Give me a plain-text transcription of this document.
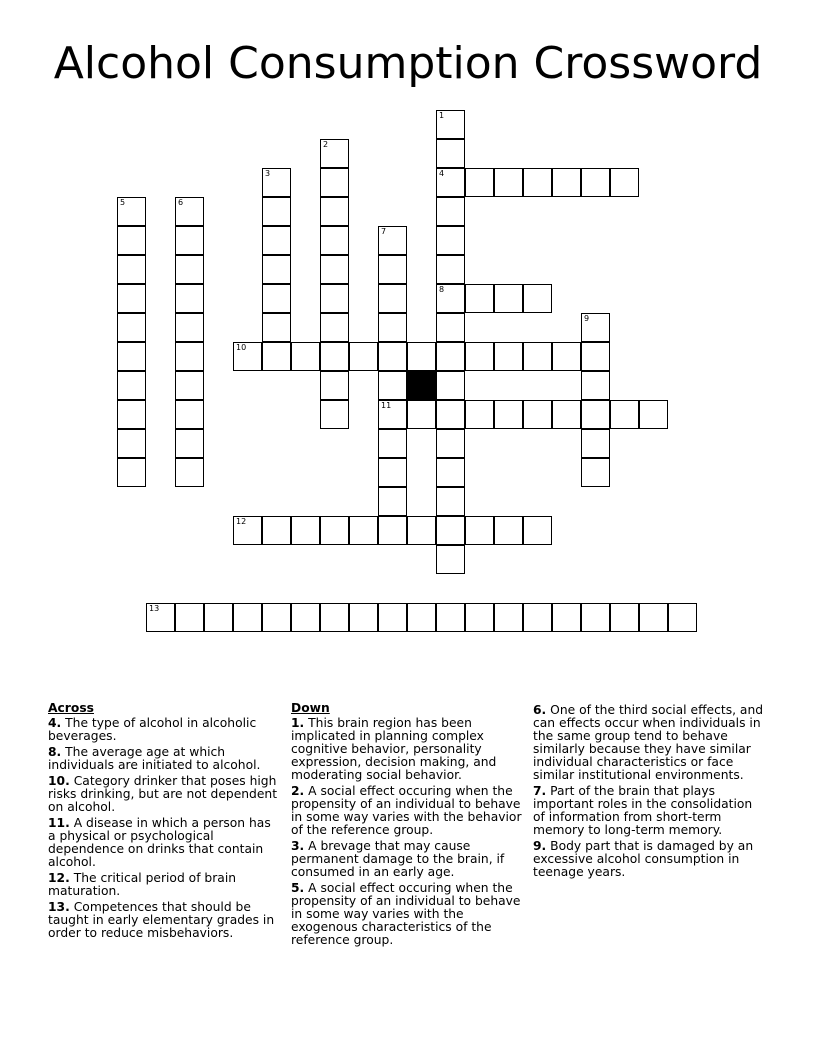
Alcohol Consumption Crossword
1
4
8
2
3
5	6
7
11
9
10
12
13
Across
4. The type of alcohol in alcoholic beverages.
8. The average age at which individuals are initiated to alcohol.
10. Category drinker that poses high risks drinking, but are not dependent on alcohol.
11. A disease in which a person has a physical or psychological dependence on drinks that contain alcohol.
12. The critical period of brain maturation.
13. Competences that should be taught in early elementary grades in order to reduce misbehaviors.
Down
1. This brain region has been implicated in planning complex cognitive behavior, personality expression, decision making, and moderating social behavior.
2. A social effect occuring when the propensity of an individual to behave in some way varies with the behavior of the reference group.
3. A brevage that may cause permanent damage to the brain, if consumed in an early age.
5. A social effect occuring when the propensity of an individual to behave in some way varies with the exogenous characteristics of the reference group.
6. One of the third social effects, and can effects occur when individuals in the same group tend to behave similarly because they have similar individual characteristics or face similar institutional environments.
7. Part of the brain that plays important roles in the consolidation of information from short-term memory to long-term memory.
9. Body part that is damaged by an excessive alcohol consumption in teenage years.
